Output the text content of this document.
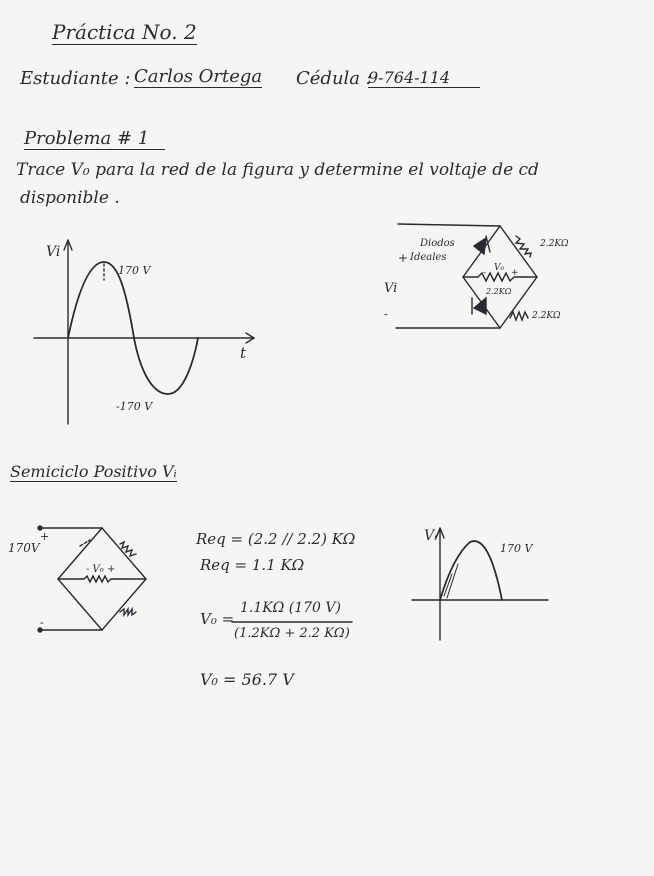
Práctica No. 2
Estudiante : Carlos Ortega Cédula :
9-764-114
Problema # 1
Trace V₀ para la red de la figura y determine el voltaje de cd
disponible .
Vi
t
170 V
-170 V
+
Vi
-
Diodos
Ideales
V₀
-	+
2.2KΩ
2.2KΩ
2.2KΩ
170V
+
-
- V₀ +
Vᵢ
170 V
Semiciclo Positivo Vᵢ
Req = (2.2 // 2.2) KΩ
Req = 1.1 KΩ
V₀ =
1.1KΩ (170 V)
(1.2KΩ + 2.2 KΩ)
V₀ = 56.7 V
